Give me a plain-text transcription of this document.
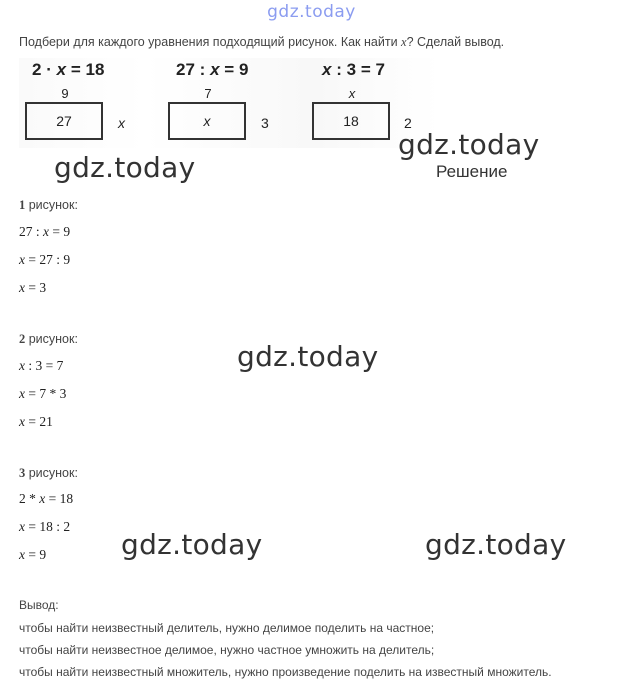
gdz.today
Подбери для каждого уравнения подходящий рисунок. Как найти x? Сделай вывод.
2 · x = 18
9
27	x
27 : x = 9
7
x	3
x : 3 = 7
x
18	2
gdz.today
gdz.today
gdz.today
gdz.today	gdz.today
Решение
1 рисунок:
27 : x = 9
x = 27 : 9
x = 3
2 рисунок:
x : 3 = 7
x = 7 * 3
x = 21
3 рисунок:
2 * x = 18
x = 18 : 2
x = 9
Вывод:
чтобы найти неизвестный делитель, нужно делимое поделить на частное;
чтобы найти неизвестное делимое, нужно частное умножить на делитель;
чтобы найти неизвестный множитель, нужно произведение поделить на известный множитель.
